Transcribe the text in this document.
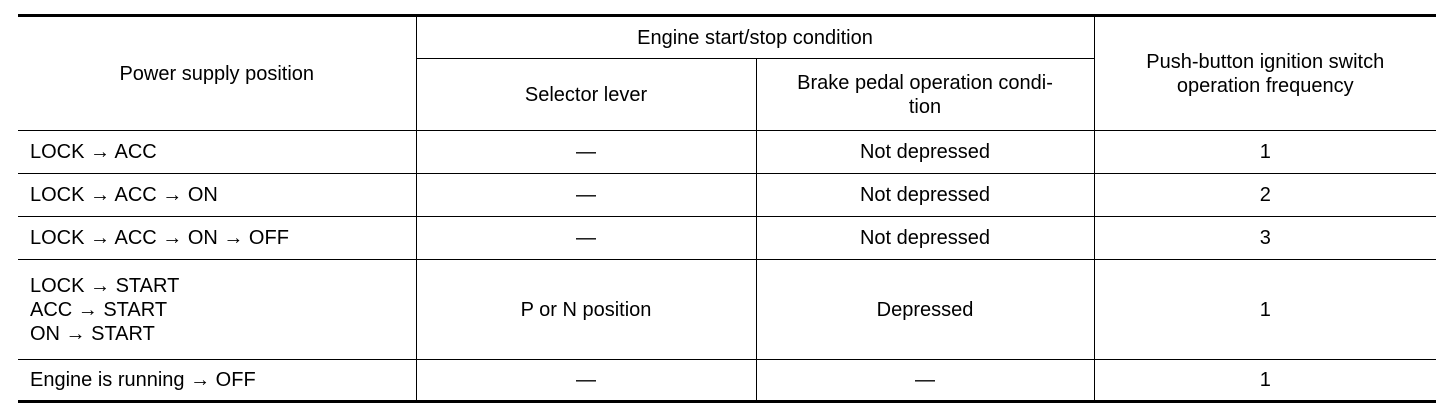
Power supply position	Engine start/stop condition		Push-button ignition switch
operation frequency
	Selector lever	Brake pedal operation condi-
tion	

LOCK → ACC	—	Not depressed	1

LOCK → ACC → ON	—	Not depressed	2

LOCK → ACC → ON → OFF	—	Not depressed	3

LOCK → START
ACC → START
ON → START	P or N position	Depressed	1

Engine is running → OFF	—	—	1
